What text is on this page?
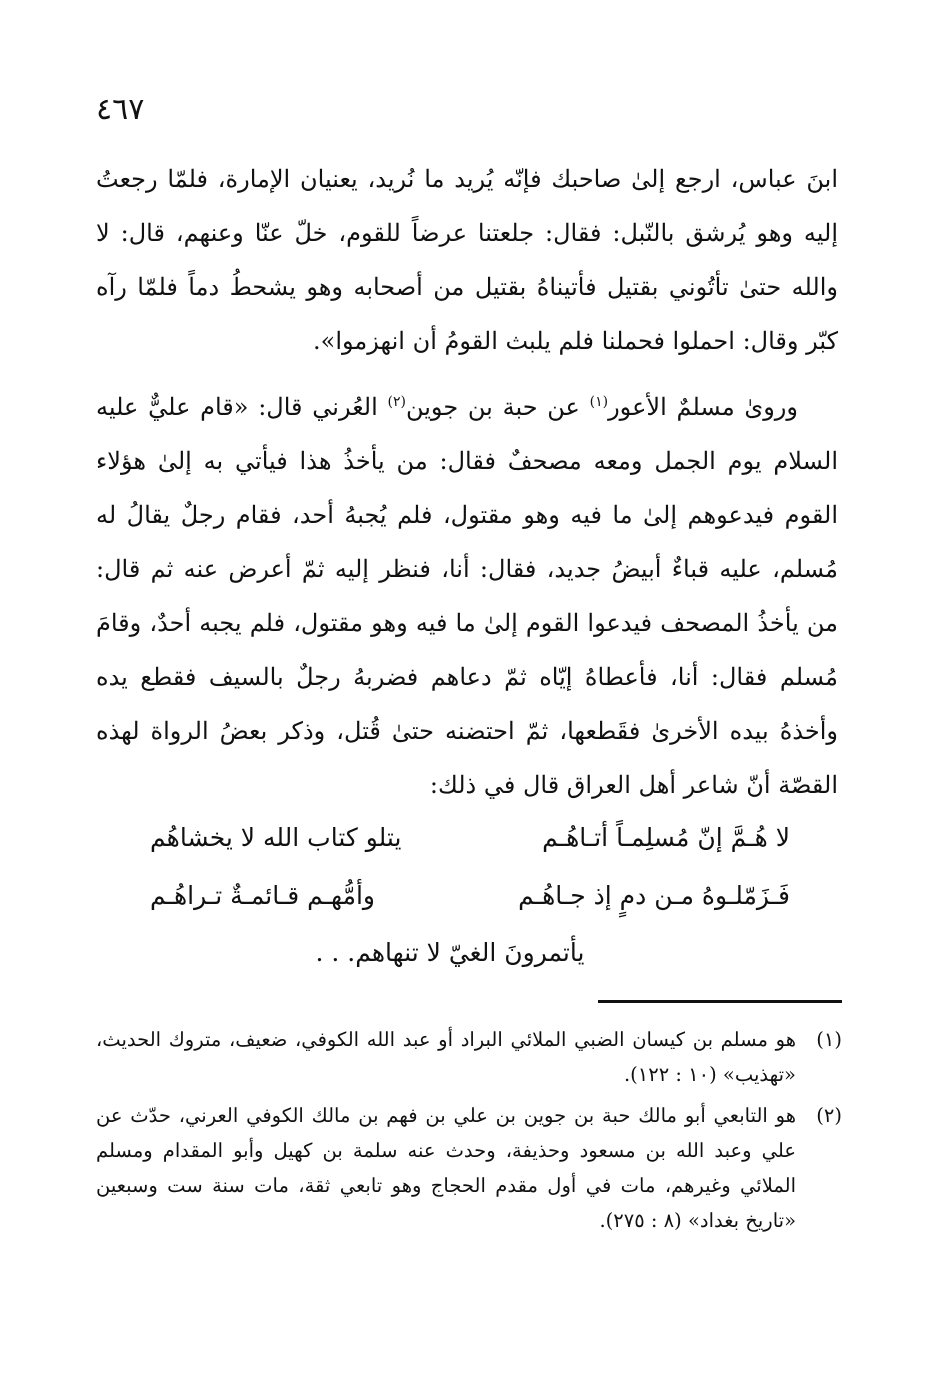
٤٦٧

ابنَ عباس، ارجع إلىٰ صاحبك فإنّه يُريد ما نُريد، يعنيان الإمارة، فلمّا رجعتُ إليه وهو يُرشق بالنّبل: فقال: جلعتنا عرضاً للقوم، خلّ عنّا وعنهم، قال: لا والله حتىٰ تأتُوني بقتيل فأتيناهُ بقتيل من أصحابه وهو يشحطُ دماً فلمّا رآه كبّر وقال: احملوا فحملنا فلم يلبث القومُ أن انهزموا».

وروىٰ مسلمٌ الأعور$^{(١)}$ عن حبة بن جوين$^{(٢)}$ العُرني قال: «قام عليٌّ عليه السلام يوم الجمل ومعه مصحفٌ فقال: من يأخذُ هذا فيأتي به إلىٰ هؤلاء القوم فيدعوهم إلىٰ ما فيه وهو مقتول، فلم يُجبهُ أحد، فقام رجلٌ يقالُ له مُسلم، عليه قباءٌ أبيضُ جديد، فقال: أنا، فنظر إليه ثمّ أعرض عنه ثم قال: من يأخذُ المصحف فيدعوا القوم إلىٰ ما فيه وهو مقتول، فلم يجبه أحدٌ، وقامَ مُسلم فقال: أنا، فأعطاهُ إيّاه ثمّ دعاهم فضربهُ رجلٌ بالسيف فقطع يده وأخذهُ بيده الأخرىٰ فقَطعها، ثمّ احتضنه حتىٰ قُتل، وذكر بعضُ الرواة لهذه القصّة أنّ شاعر أهل العراق قال في ذلك:

لا هُـمَّ إنّ مُسلِمـاً أتـاهُـم
يتلو كتاب الله لا يخشاهُم
فَـزَمّلـوهُ مـن دمٍ إذ جـاهُـم
وأمُّهـم قـائمـةٌ تـراهُـم
يأتمرونَ الغيّ لا تنهاهم. . .

(١)هو مسلم بن كيسان الضبي الملائي البراد أو عبد الله الكوفي، ضعيف، متروك الحديث، «تهذيب» (١٠ : ١٢٢).

(٢)هو التابعي أبو مالك حبة بن جوين بن علي بن فهم بن مالك الكوفي العرني، حدّث عن علي وعبد الله بن مسعود وحذيفة، وحدث عنه سلمة بن كهيل وأبو المقدام ومسلم الملائي وغيرهم، مات في أول مقدم الحجاج وهو تابعي ثقة، مات سنة ست وسبعين «تاريخ بغداد» (٨ : ٢٧٥).
